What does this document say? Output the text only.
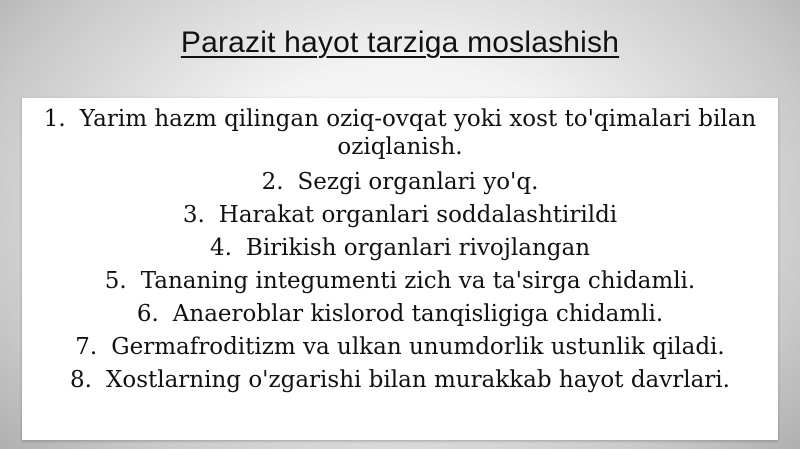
Parazit hayot tarziga moslashish
1. Yarim hazm qilingan oziq-ovqat yoki xost to'qimalari bilan oziqlanish.
2. Sezgi organlari yo'q.
3. Harakat organlari soddalashtirildi
4. Birikish organlari rivojlangan
5. Tananing integumenti zich va ta'sirga chidamli.
6. Anaeroblar kislorod tanqisligiga chidamli.
7. Germafroditizm va ulkan unumdorlik ustunlik qiladi.
8. Xostlarning o'zgarishi bilan murakkab hayot davrlari.
